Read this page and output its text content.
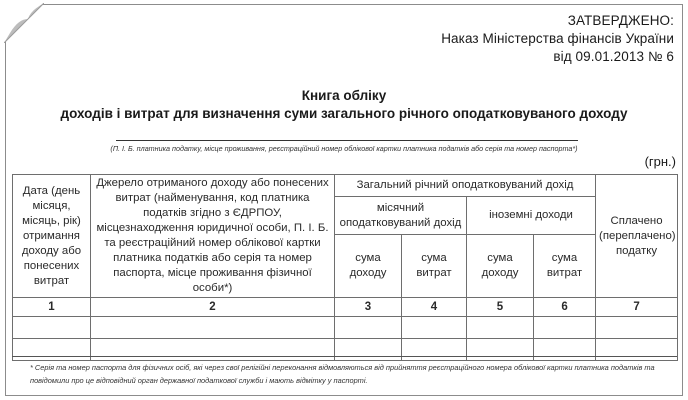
ЗАТВЕРДЖЕНО:
Наказ Міністерства фінансів України
від 09.01.2013 № 6
Книга обліку
доходів і витрат для визначення суми загального річного оподатковуваного доходу
(П. І. Б. платника податку, місце проживання, реєстраційний номер облікової картки платника податків або серія та номер паспорта*)
(грн.)
Дата (день місяця, місяць, рік) отримання доходу або понесених витрат	Джерело отриманого доходу або понесених витрат (найменування, код платника податків згідно з ЄДРПОУ, місцезнаходження юридичної особи, П. І. Б. та реєстраційний номер облікової картки платника податків або серія та номер паспорта, місце проживання фізичної особи*)	Загальний річний оподатковуваний дохід				Сплачено (переплачено) податку
		місячний оподатковуваний дохід		іноземні доходи		
		сума доходу	сума витрат	сума доходу	сума витрат	
1	2	3	4	5	6	7

* Серія та номер паспорта для фізичних осіб, які через свої релігійні переконання відмовляються від прийняття реєстраційного номера облікової картки платника податків та повідомили про це відповідний орган державної податкової служби і мають відмітку у паспорті.
